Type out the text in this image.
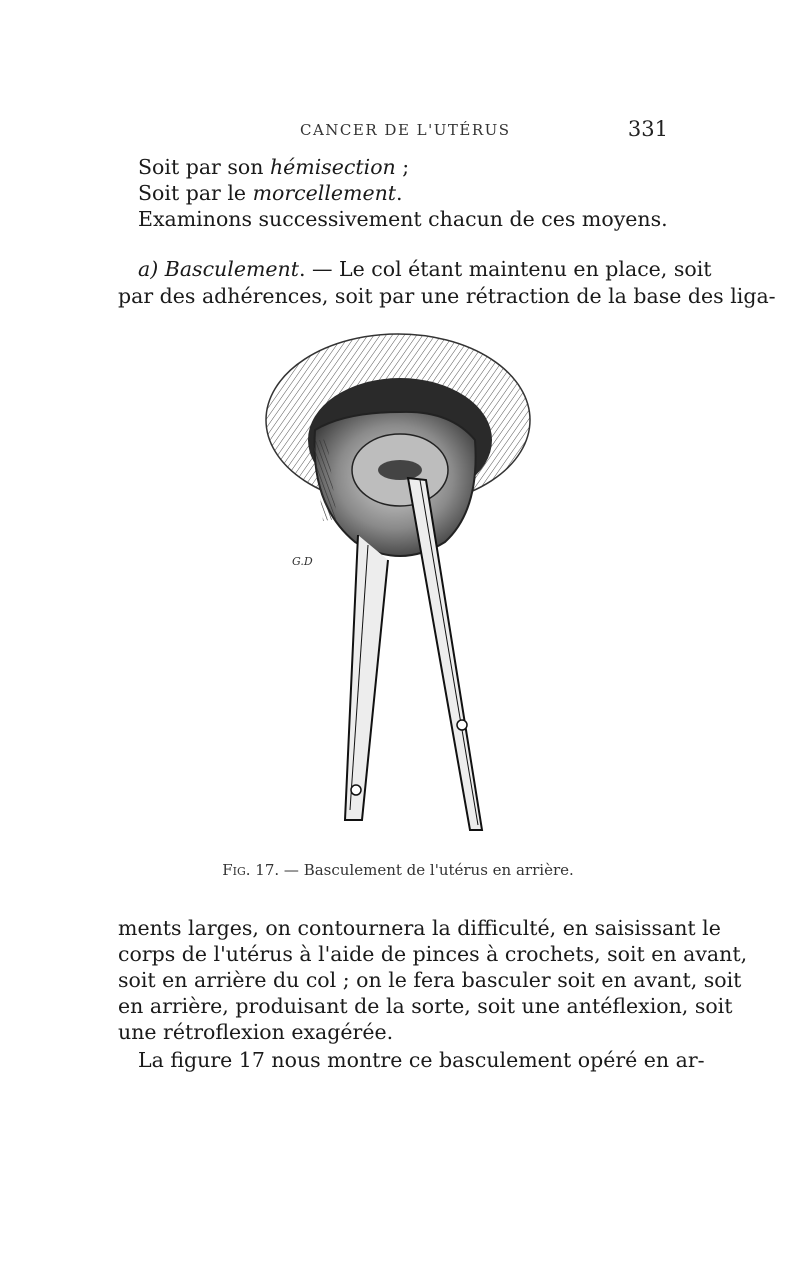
CANCER DE L'UTÉRUS	331
Soit par son hémisection ;
Soit par le morcellement.
Examinons successivement chacun de ces moyens.
a) Basculement. — Le col étant maintenu en place, soit
par des adhérences, soit par une rétraction de la base des liga-
G.D
Fig. 17. — Basculement de l'utérus en arrière.
ments larges, on contournera la difficulté, en saisissant le
corps de l'utérus à l'aide de pinces à crochets, soit en avant,
soit en arrière du col ; on le fera basculer soit en avant, soit
en arrière, produisant de la sorte, soit une antéflexion, soit
une rétroflexion exagérée.
La figure 17 nous montre ce basculement opéré en ar-
